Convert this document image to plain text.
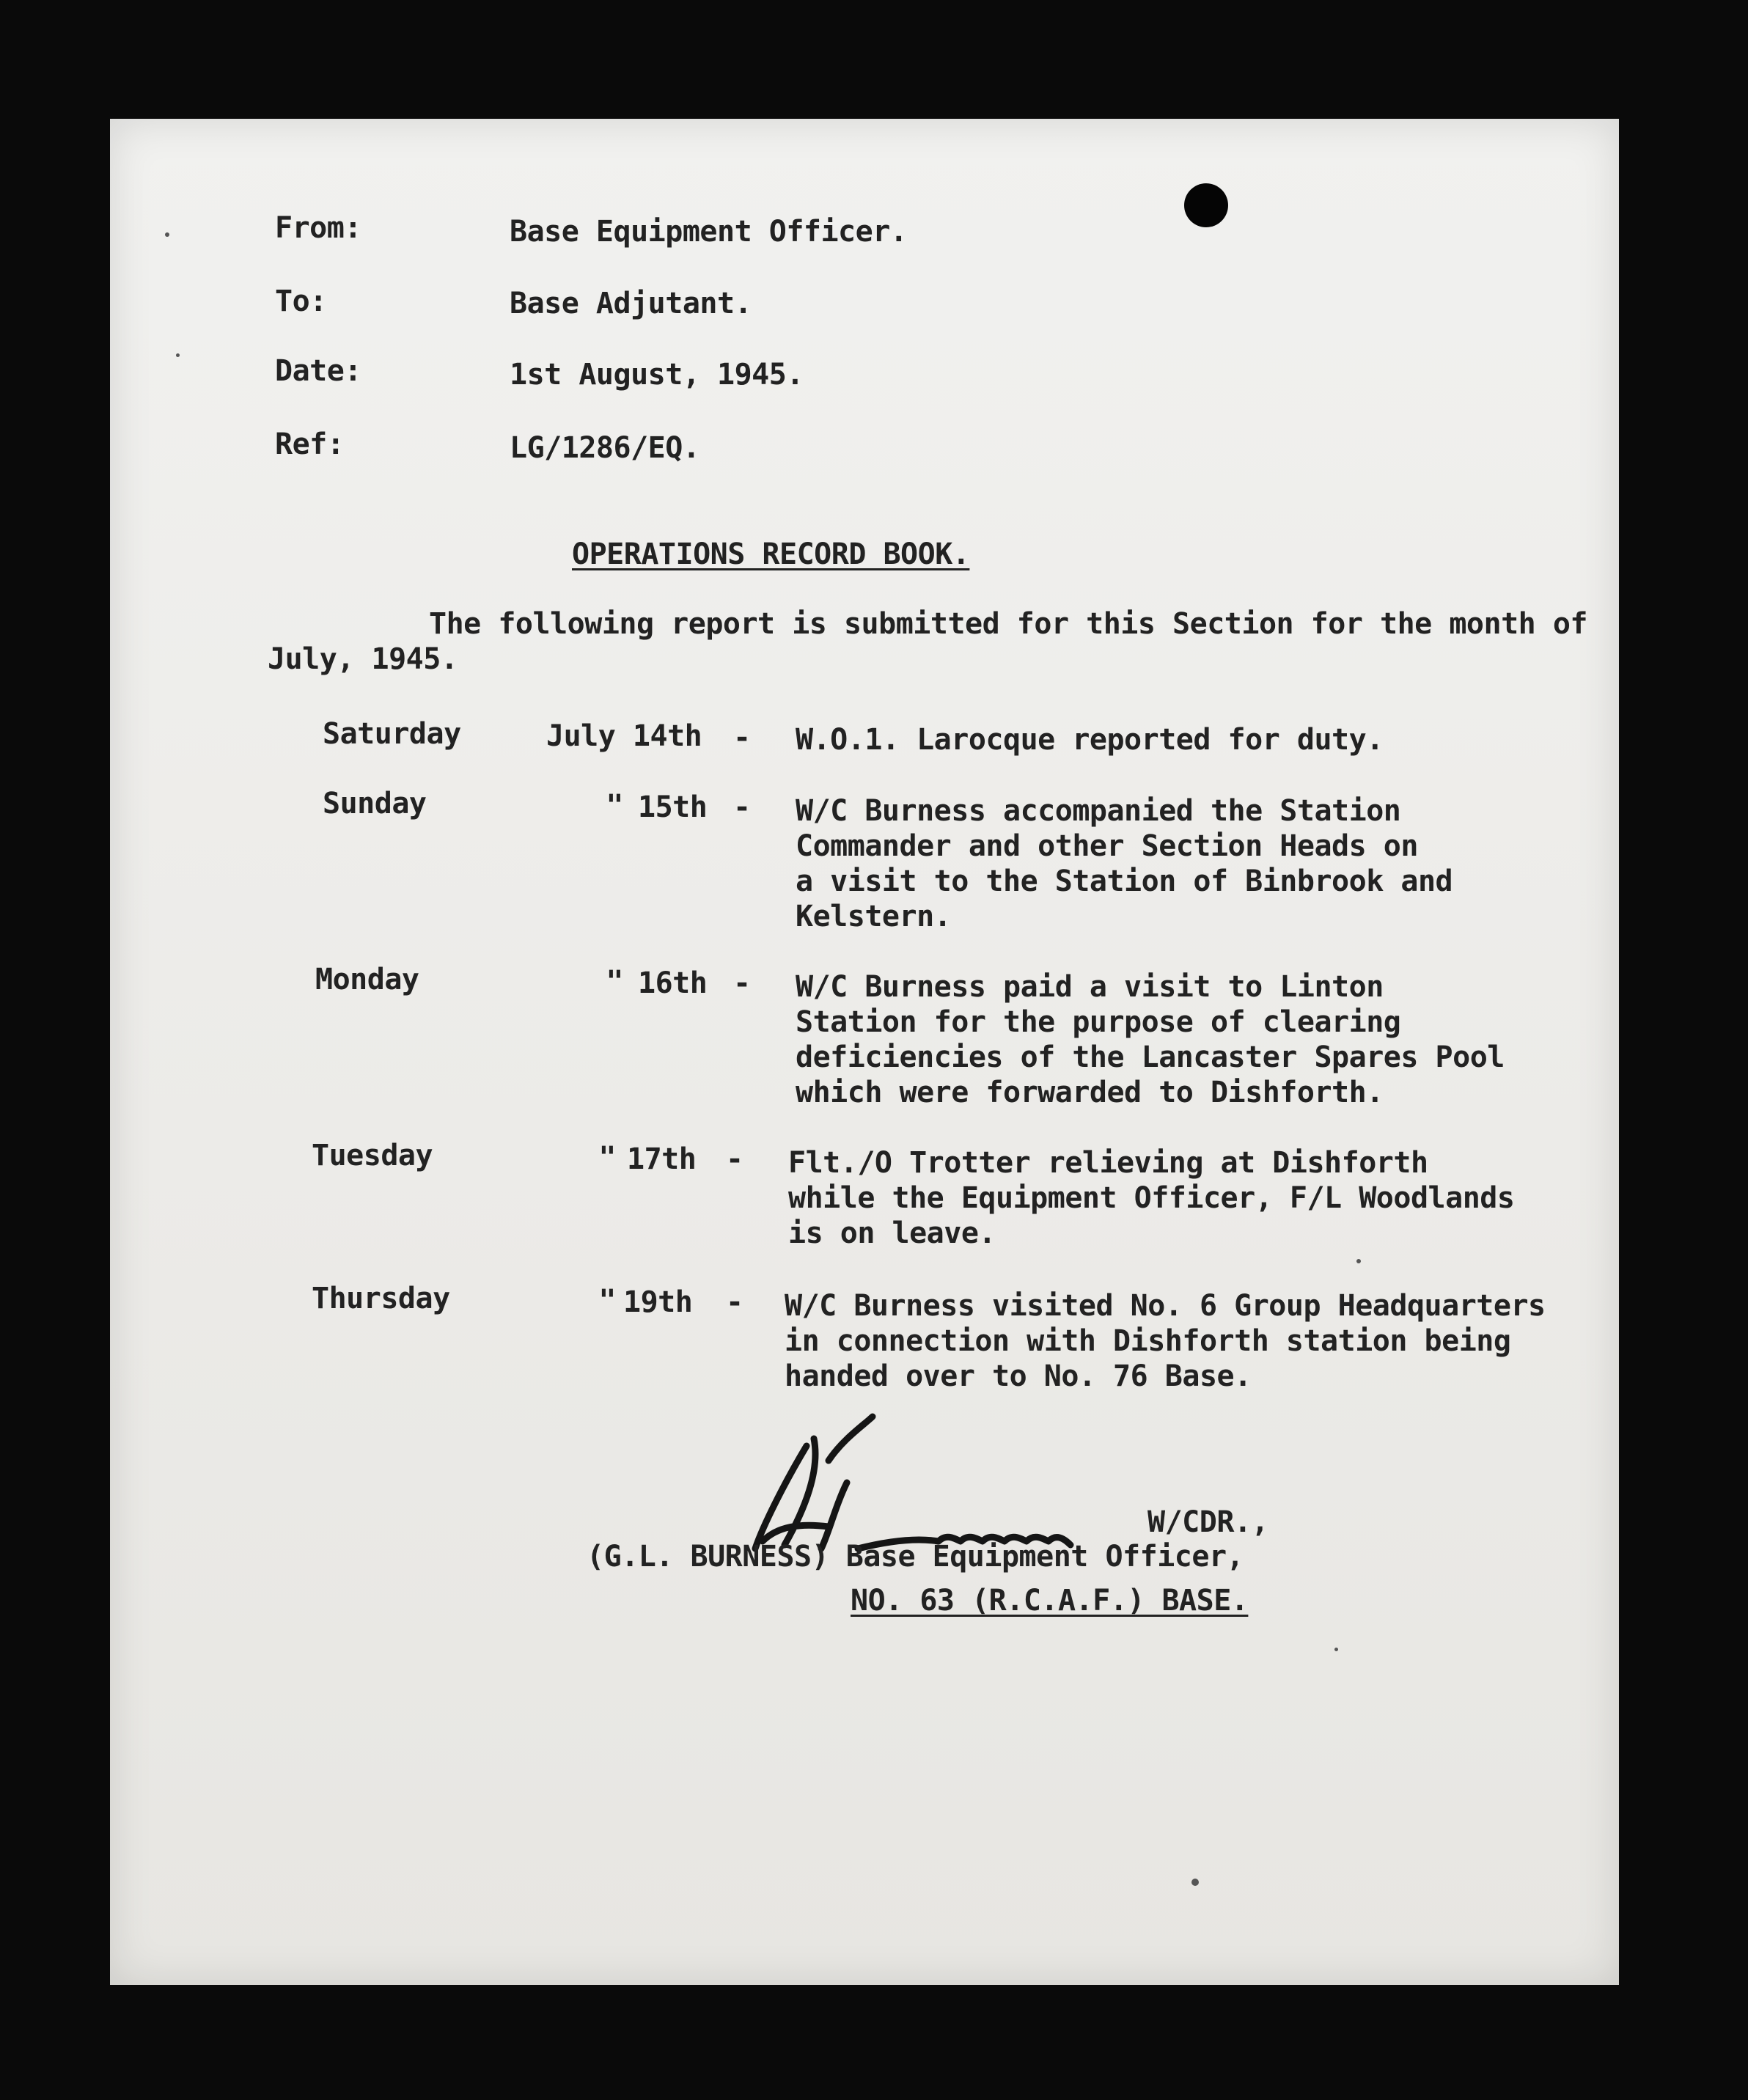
From:	Base Equipment Officer.
To:	Base Adjutant.
Date:	1st August, 1945.
Ref:	LG/1286/EQ.
OPERATIONS RECORD BOOK.
The following report is submitted for this Section for the month of July, 1945.
Saturday	July 14th - W.O.1. Larocque reported for duty.
Sunday	" 15th - W/C Burness accompanied the Station
Commander and other Section Heads on
a visit to the Station of Binbrook and
Kelstern.
Monday	" 16th - W/C Burness paid a visit to Linton
Station for the purpose of clearing
deficiencies of the Lancaster Spares Pool
which were forwarded to Dishforth.
Tuesday	" 17th - Flt./O Trotter relieving at Dishforth
while the Equipment Officer, F/L Woodlands
is on leave.
Thursday	" 19th - W/C Burness visited No. 6 Group Headquarters
in connection with Dishforth station being
handed over to No. 76 Base.
W/CDR.,
(G.L. BURNESS) Base Equipment Officer,
NO. 63 (R.C.A.F.) BASE.
